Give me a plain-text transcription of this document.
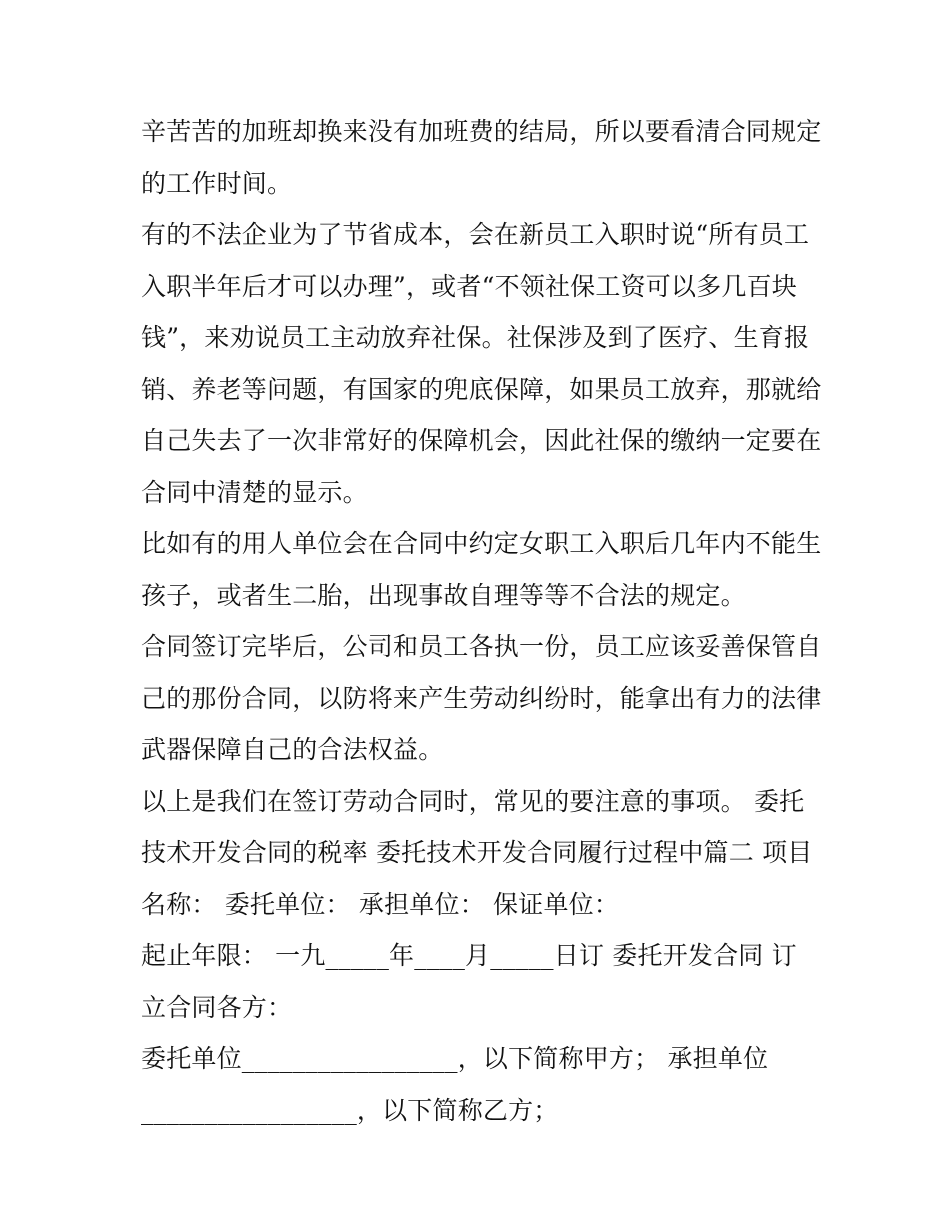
辛苦苦的加班却换来没有加班费的结局，所以要看清合同规定
的工作时间。
有的不法企业为了节省成本，会在新员工入职时说“所有员工
入职半年后才可以办理”，或者“不领社保工资可以多几百块
钱”，来劝说员工主动放弃社保。社保涉及到了医疗、生育报
销、养老等问题，有国家的兜底保障，如果员工放弃，那就给
自己失去了一次非常好的保障机会，因此社保的缴纳一定要在
合同中清楚的显示。
比如有的用人单位会在合同中约定女职工入职后几年内不能生
孩子，或者生二胎，出现事故自理等等不合法的规定。
合同签订完毕后，公司和员工各执一份，员工应该妥善保管自
己的那份合同，以防将来产生劳动纠纷时，能拿出有力的法律
武器保障自己的合法权益。
以上是我们在签订劳动合同时，常见的要注意的事项。 委托
技术开发合同的税率 委托技术开发合同履行过程中篇二 项目
名称： 委托单位： 承担单位： 保证单位：
起止年限： 一九_____年____月_____日订 委托开发合同 订
立合同各方：
委托单位_________________，以下简称甲方； 承担单位
_________________，以下简称乙方；
